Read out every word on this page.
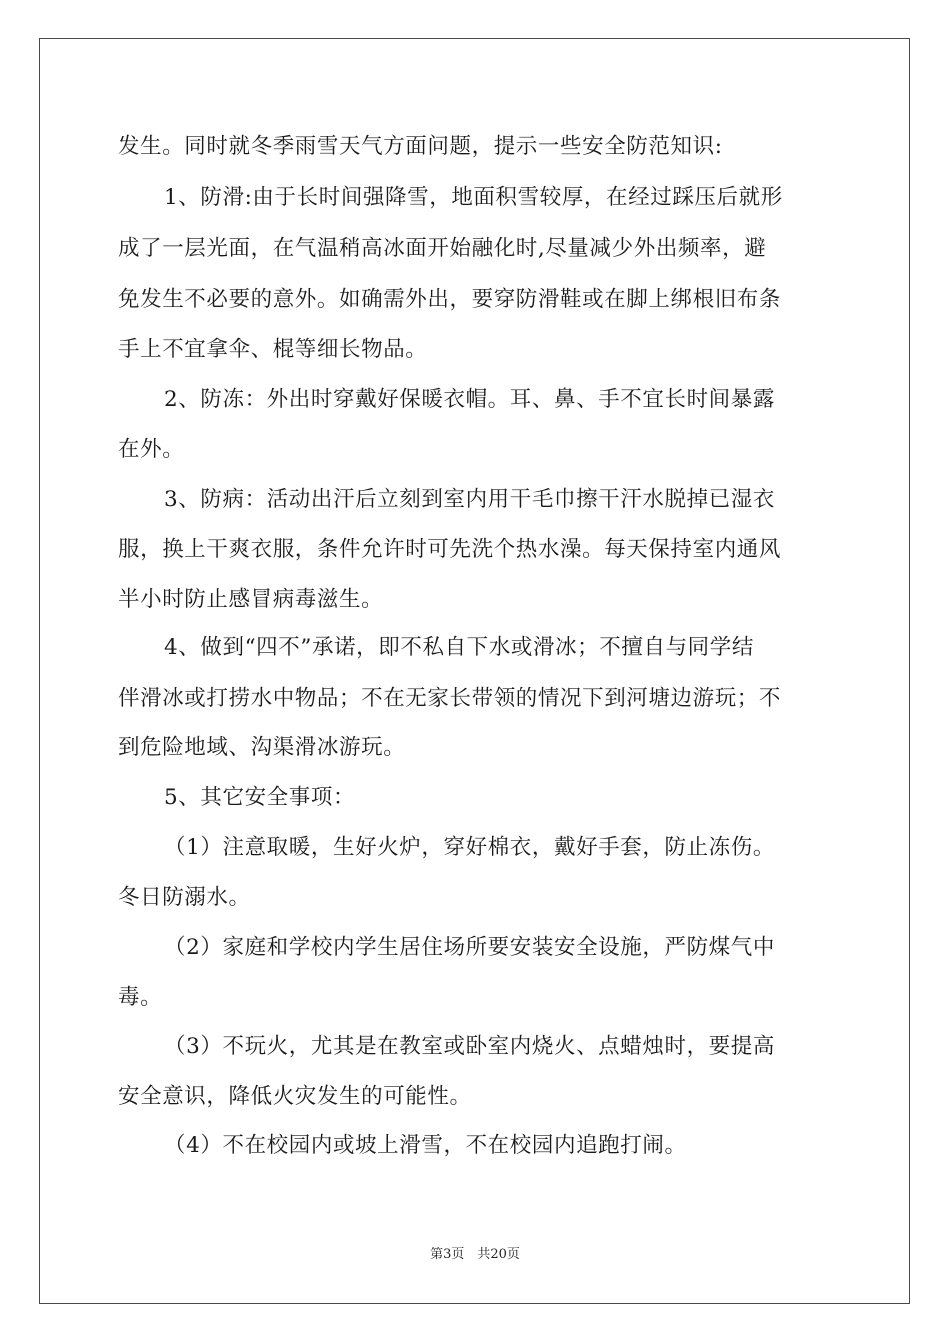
发生。同时就冬季雨雪天气方面问题，提示一些安全防范知识:
1、防滑:由于长时间强降雪，地面积雪较厚，在经过踩压后就形
成了一层光面，在气温稍高冰面开始融化时,尽量减少外出频率，避
免发生不必要的意外。如确需外出，要穿防滑鞋或在脚上绑根旧布条
手上不宜拿伞、棍等细长物品。
2、防冻：外出时穿戴好保暖衣帽。耳、鼻、手不宜长时间暴露
在外。
3、防病：活动出汗后立刻到室内用干毛巾擦干汗水脱掉已湿衣
服，换上干爽衣服，条件允许时可先洗个热水澡。每天保持室内通风
半小时防止感冒病毒滋生。
4、做到“四不”承诺，即不私自下水或滑冰；不擅自与同学结
伴滑冰或打捞水中物品；不在无家长带领的情况下到河塘边游玩；不
到危险地域、沟渠滑冰游玩。
5、其它安全事项：
（1）注意取暖，生好火炉，穿好棉衣，戴好手套，防止冻伤。
冬日防溺水。
（2）家庭和学校内学生居住场所要安装安全设施，严防煤气中
毒。
（3）不玩火，尤其是在教室或卧室内烧火、点蜡烛时，要提高
安全意识，降低火灾发生的可能性。
（4）不在校园内或坡上滑雪，不在校园内追跑打闹。
第3页　共20页
